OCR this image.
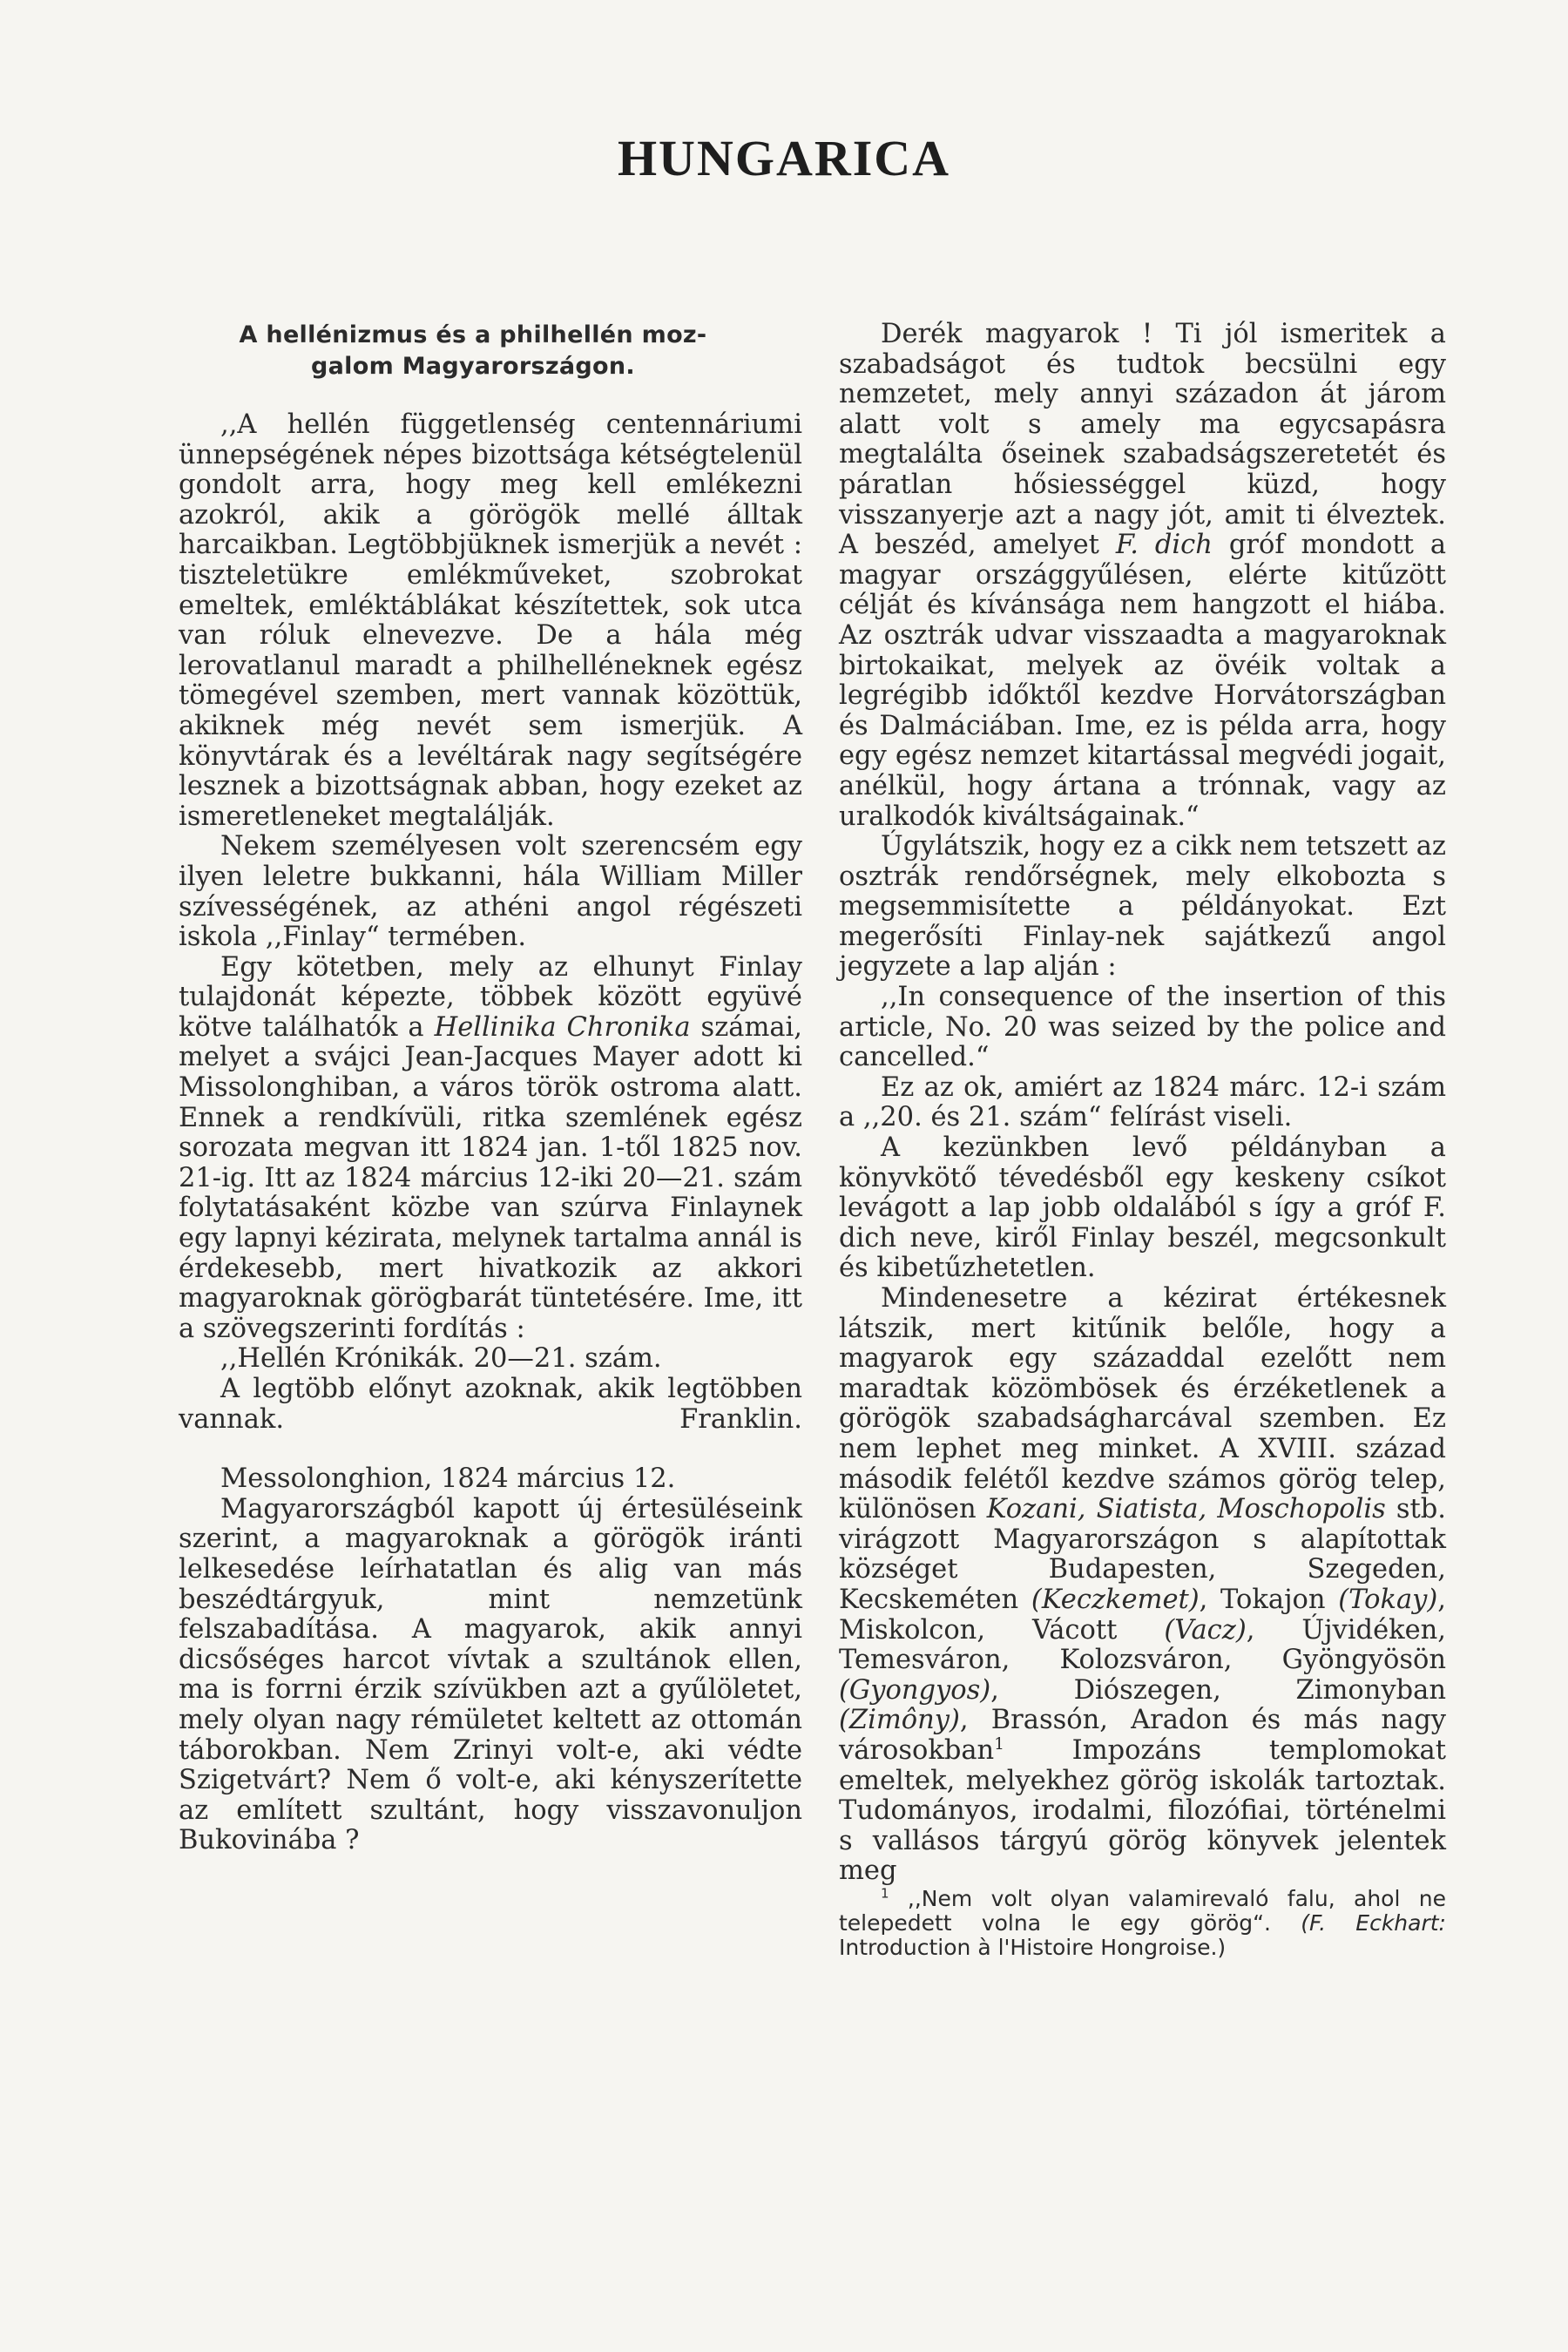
HUNGARICA
A hellénizmus és a philhellén moz-
galom Magyarországon.

,,A hellén függetlenség centennáriumi ünnepségének népes bizottsága kétségtelenül gondolt arra, hogy meg kell emlékezni azokról, akik a görögök mellé álltak harcaikban. Legtöbbjüknek ismerjük a nevét : tiszteletükre emlékműveket, szobrokat emeltek, emléktáblákat készítettek, sok utca van róluk elnevezve. De a hála még lerovatlanul maradt a philhelléneknek egész tömegével szemben, mert vannak közöttük, akiknek még nevét sem ismerjük. A könyvtárak és a levéltárak nagy segítségére lesznek a bizottságnak abban, hogy ezeket az ismeretleneket megtalálják.

Nekem személyesen volt szerencsém egy ilyen leletre bukkanni, hála William Miller szívességének, az athéni angol régészeti iskola ,,Finlay“ termében.

Egy kötetben, mely az elhunyt Finlay tulajdonát képezte, többek között együvé kötve találhatók a Hellinika Chronika számai, melyet a svájci Jean-Jacques Mayer adott ki Missolonghiban, a város török ostroma alatt. Ennek a rendkívüli, ritka szemlének egész sorozata megvan itt 1824 jan. 1-től 1825 nov. 21-ig. Itt az 1824 március 12-iki 20—21. szám folytatásaként közbe van szúrva Finlaynek egy lapnyi kézirata, melynek tartalma annál is érdekesebb, mert hivatkozik az akkori magyaroknak görögbarát tüntetésére. Ime, itt a szövegszerinti fordítás :

,,Hellén Krónikák. 20—21. szám.

A legtöbb előnyt azoknak, akik legtöbben vannak.	Franklin.

Messolonghion, 1824 március 12.

Magyarországból kapott új értesüléseink szerint, a magyaroknak a görögök iránti lelkesedése leírhatatlan és alig van más beszédtárgyuk, mint nemzetünk felszabadítása. A magyarok, akik annyi dicsőséges harcot vívtak a szultánok ellen, ma is forrni érzik szívükben azt a gyűlöletet, mely olyan nagy rémületet keltett az ottomán táborokban. Nem Zrinyi volt-e, aki védte Szigetvárt? Nem ő volt-e, aki kényszerítette az említett szultánt, hogy visszavonuljon Bukovinába ?

Derék magyarok ! Ti jól ismeritek a szabadságot és tudtok becsülni egy nemzetet, mely annyi századon át járom alatt volt s amely ma egycsapásra megtalálta őseinek szabadságszeretetét és páratlan hősiességgel küzd, hogy visszanyerje azt a nagy jót, amit ti élveztek. A beszéd, amelyet F. dich gróf mondott a magyar országgyűlésen, elérte kitűzött célját és kívánsága nem hangzott el hiába. Az osztrák udvar visszaadta a magyaroknak birtokaikat, melyek az övéik voltak a legrégibb időktől kezdve Horvátországban és Dalmáciában. Ime, ez is példa arra, hogy egy egész nemzet kitartással megvédi jogait, anélkül, hogy ártana a trónnak, vagy az uralkodók kiváltságainak.“

Úgylátszik, hogy ez a cikk nem tetszett az osztrák rendőrségnek, mely elkobozta s megsemmisítette a példányokat. Ezt megerősíti Finlay-nek sajátkezű angol jegyzete a lap alján :

,,In consequence of the insertion of this article, No. 20 was seized by the police and cancelled.“

Ez az ok, amiért az 1824 márc. 12-i szám a ,,20. és 21. szám“ felírást viseli.

A kezünkben levő példányban a könyvkötő tévedésből egy keskeny csíkot levágott a lap jobb oldalából s így a gróf F. dich neve, kiről Finlay beszél, megcsonkult és kibetűzhetetlen.

Mindenesetre a kézirat értékesnek látszik, mert kitűnik belőle, hogy a magyarok egy századdal ezelőtt nem maradtak közömbösek és érzéketlenek a görögök szabadságharcával szemben. Ez nem lephet meg minket. A XVIII. század második felétől kezdve számos görög telep, különösen Kozani, Siatista, Moschopolis stb. virágzott Magyarországon s alapítottak községet Budapesten, Szegeden, Kecskeméten (Keczkemet), Tokajon (Tokay), Miskolcon, Vácott (Vacz), Újvidéken, Temesváron, Kolozsváron, Gyöngyösön (Gyongyos), Diószegen, Zimonyban (Zimôny), Brassón, Aradon és más nagy városokban$^1$ Impozáns templomokat emeltek, melyekhez görög iskolák tartoztak. Tudományos, irodalmi, filozófiai, történelmi s vallásos tárgyú görög könyvek jelentek meg

$^1$ ,,Nem volt olyan valamirevaló falu, ahol ne telepedett volna le egy görög“. (F. Eckhart: Introduction à l'Histoire Hongroise.)
